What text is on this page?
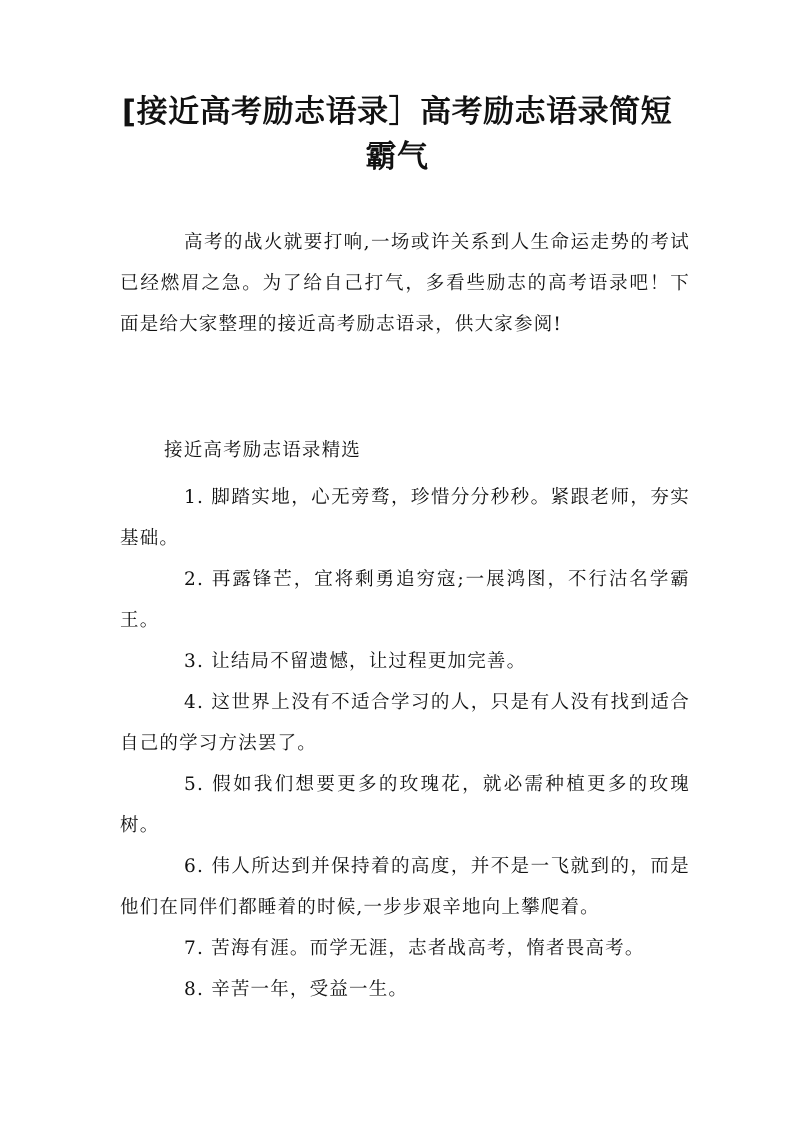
[接近高考励志语录］高考励志语录简短霸气

高考的战火就要打响,一场或许关系到人生命运走势的考试已经燃眉之急。为了给自己打气，多看些励志的高考语录吧！下面是给大家整理的接近高考励志语录，供大家参阅!

接近高考励志语录精选

1. 脚踏实地，心无旁骛，珍惜分分秒秒。紧跟老师，夯实基础。
2. 再露锋芒，宜将剩勇追穷寇;一展鸿图，不行沽名学霸王。
3. 让结局不留遗憾，让过程更加完善。
4. 这世界上没有不适合学习的人，只是有人没有找到适合自己的学习方法罢了。
5. 假如我们想要更多的玫瑰花，就必需种植更多的玫瑰树。
6. 伟人所达到并保持着的高度，并不是一飞就到的，而是他们在同伴们都睡着的时候,一步步艰辛地向上攀爬着。
7. 苦海有涯。而学无涯，志者战高考，惰者畏高考。
8. 辛苦一年，受益一生。
